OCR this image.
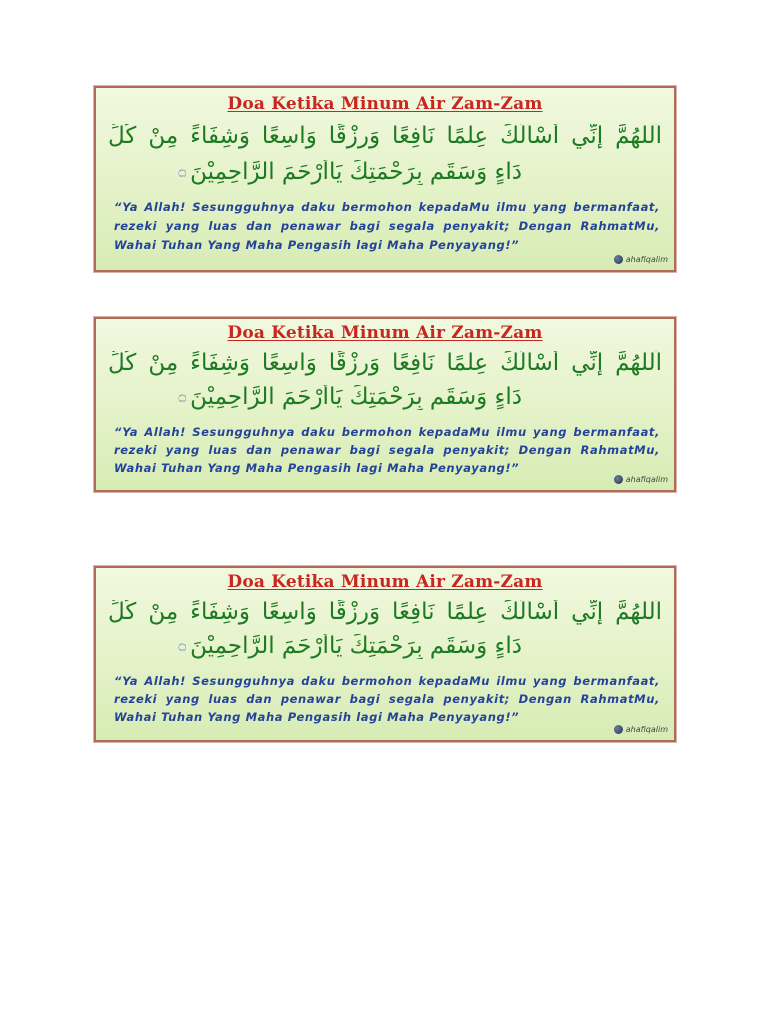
Doa Ketika Minum Air Zam-Zam
اَللّٰهُمَّ إِنِّي أَسْأَلُكَ عِلْمًا نَافِعًا وَرِزْقًا وَاسِعًا وَشِفَاءً مِنْ كُلِّ
دَاءٍ وَسَقَمٍ بِرَحْمَتِكَ يَاأَرْحَمَ الرَّاحِمِيْنَ۝
“Ya Allah! Sesungguhnya daku bermohon kepadaMu ilmu yang bermanfaat, rezeki yang luas dan penawar bagi segala penyakit; Dengan RahmatMu, Wahai Tuhan Yang Maha Pengasih lagi Maha Penyayang!”
ahafiqalim
Doa Ketika Minum Air Zam-Zam
اَللّٰهُمَّ إِنِّي أَسْأَلُكَ عِلْمًا نَافِعًا وَرِزْقًا وَاسِعًا وَشِفَاءً مِنْ كُلِّ
دَاءٍ وَسَقَمٍ بِرَحْمَتِكَ يَاأَرْحَمَ الرَّاحِمِيْنَ۝
“Ya Allah! Sesungguhnya daku bermohon kepadaMu ilmu yang bermanfaat, rezeki yang luas dan penawar bagi segala penyakit; Dengan RahmatMu, Wahai Tuhan Yang Maha Pengasih lagi Maha Penyayang!”
ahafiqalim
Doa Ketika Minum Air Zam-Zam
اَللّٰهُمَّ إِنِّي أَسْأَلُكَ عِلْمًا نَافِعًا وَرِزْقًا وَاسِعًا وَشِفَاءً مِنْ كُلِّ
دَاءٍ وَسَقَمٍ بِرَحْمَتِكَ يَاأَرْحَمَ الرَّاحِمِيْنَ۝
“Ya Allah! Sesungguhnya daku bermohon kepadaMu ilmu yang bermanfaat, rezeki yang luas dan penawar bagi segala penyakit; Dengan RahmatMu, Wahai Tuhan Yang Maha Pengasih lagi Maha Penyayang!”
ahafiqalim
